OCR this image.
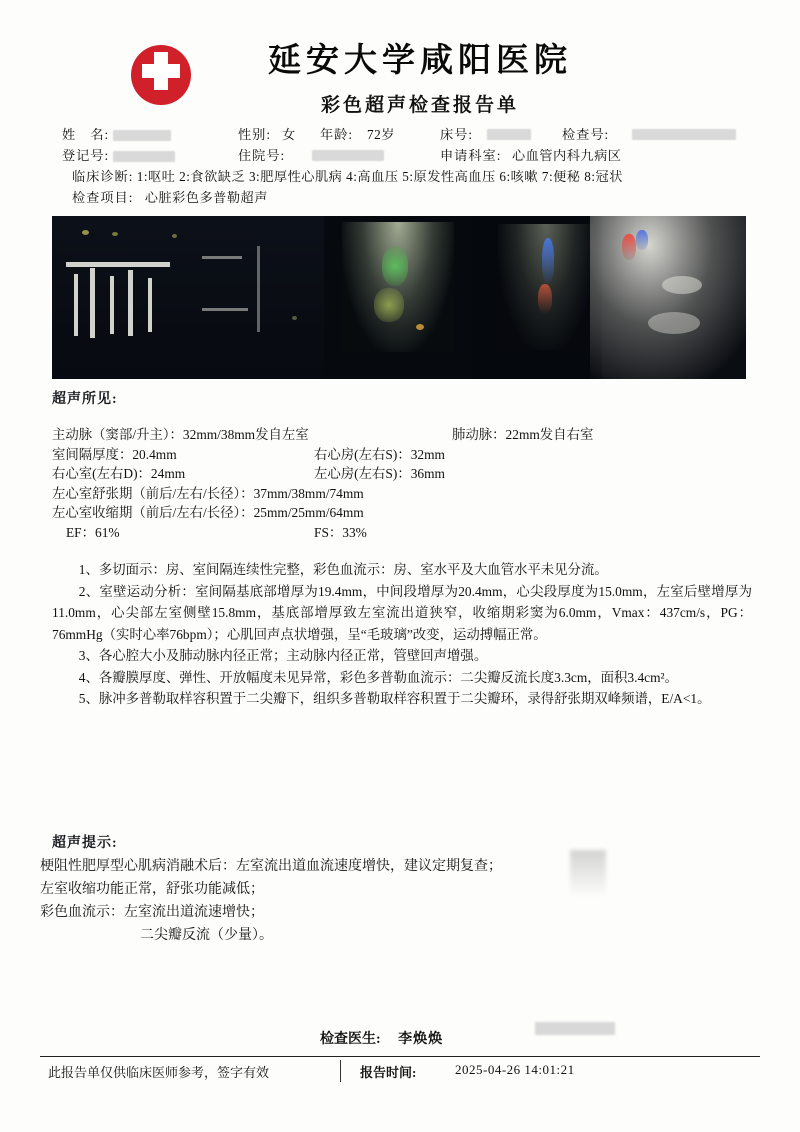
延安大学咸阳医院
彩色超声检查报告单
姓　名:	性别: 女 年龄: 72岁	床号:	检查号:
登记号:	住院号:	申请科室: 心血管内科九病区
临床诊断: 1:呕吐 2:食欲缺乏 3:肥厚性心肌病 4:高血压 5:原发性高血压 6:咳嗽 7:便秘 8:冠状
检查项目: 心脏彩色多普勒超声
超声所见:
主动脉（窦部/升主）：32mm/38mm发自左室	肺动脉：22mm发自右室
室间隔厚度：20.4mm	右心房(左右S)：32mm
右心室(左右D)：24mm	左心房(左右S)：36mm
左心室舒张期（前后/左右/长径）：37mm/38mm/74mm
左心室收缩期（前后/左右/长径）：25mm/25mm/64mm
EF：61%	FS：33%

1、多切面示：房、室间隔连续性完整，彩色血流示：房、室水平及大血管水平未见分流。

2、室壁运动分析：室间隔基底部增厚为19.4mm，中间段增厚为20.4mm，心尖段厚度为15.0mm，左室后壁增厚为11.0mm，心尖部左室侧壁15.8mm，基底部增厚致左室流出道狭窄，收缩期彩窦为6.0mm，Vmax：437cm/s，PG：76mmHg（实时心率76bpm）；心肌回声点状增强，呈“毛玻璃”改变，运动搏幅正常。

3、各心腔大小及肺动脉内径正常；主动脉内径正常，管壁回声增强。

4、各瓣膜厚度、弹性、开放幅度未见异常，彩色多普勒血流示：二尖瓣反流长度3.3cm，面积3.4cm²。

5、脉冲多普勒取样容积置于二尖瓣下，组织多普勒取样容积置于二尖瓣环，录得舒张期双峰频谱，E/A<1。

超声提示:
梗阻性肥厚型心肌病消融术后：左室流出道血流速度增快，建议定期复查；
左室收缩功能正常，舒张功能减低；
彩色血流示：左室流出道流速增快；
二尖瓣反流（少量）。
检查医生: 李焕焕
此报告单仅供临床医师参考，签字有效	报告时间:	2025-04-26 14:01:21
